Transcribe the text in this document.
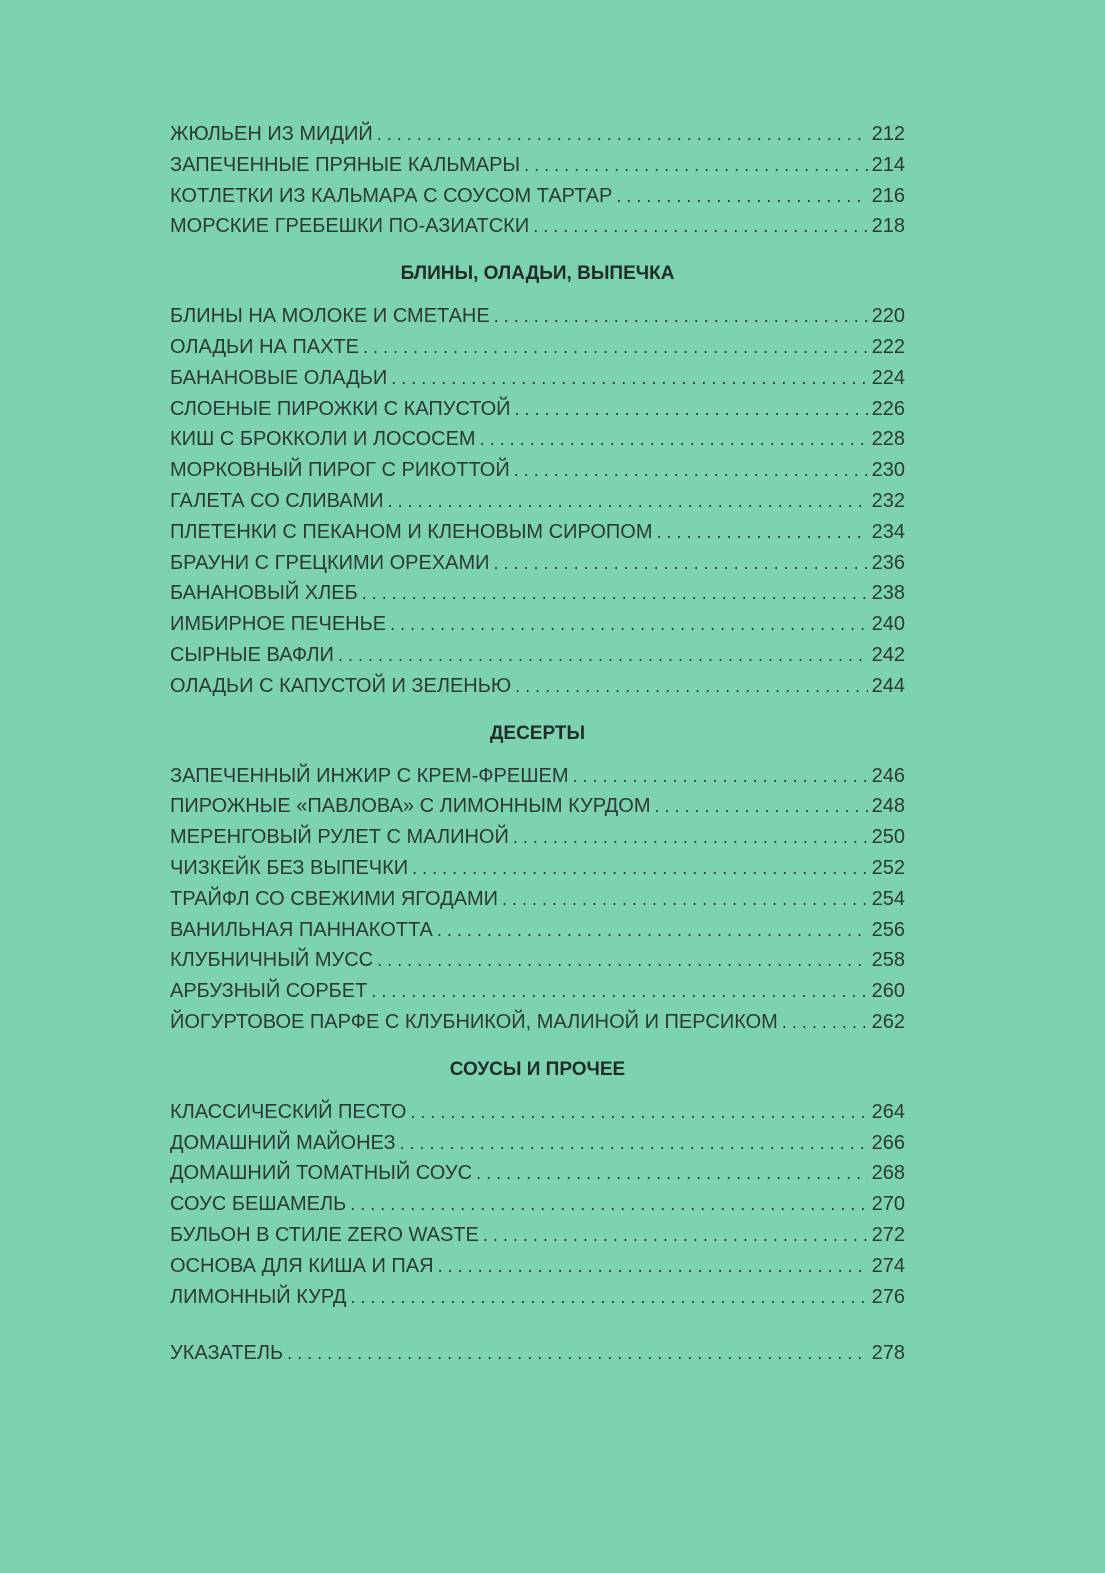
ЖЮЛЬЕН ИЗ МИДИЙ . . .	212
ЗАПЕЧЕННЫЕ ПРЯНЫЕ КАЛЬМАРЫ . . .	214
КОТЛЕТКИ ИЗ КАЛЬМАРА С СОУСОМ ТАРТАР . . .	216
МОРСКИЕ ГРЕБЕШКИ ПО-АЗИАТСКИ . . .	218
БЛИНЫ, ОЛАДЬИ, ВЫПЕЧКА
БЛИНЫ НА МОЛОКЕ И СМЕТАНЕ . . .	220
ОЛАДЬИ НА ПАХТЕ . . .	222
БАНАНОВЫЕ ОЛАДЬИ . . .	224
СЛОЕНЫЕ ПИРОЖКИ С КАПУСТОЙ . . .	226
КИШ С БРОККОЛИ И ЛОСОСЕМ . . .	228
МОРКОВНЫЙ ПИРОГ С РИКОТТОЙ . . .	230
ГАЛЕТА СО СЛИВАМИ . . .	232
ПЛЕТЕНКИ С ПЕКАНОМ И КЛЕНОВЫМ СИРОПОМ . . .	234
БРАУНИ С ГРЕЦКИМИ ОРЕХАМИ . . .	236
БАНАНОВЫЙ ХЛЕБ . . .	238
ИМБИРНОЕ ПЕЧЕНЬЕ . . .	240
СЫРНЫЕ ВАФЛИ . . .	242
ОЛАДЬИ С КАПУСТОЙ И ЗЕЛЕНЬЮ . . .	244
ДЕСЕРТЫ
ЗАПЕЧЕННЫЙ ИНЖИР С КРЕМ-ФРЕШЕМ . . .	246
ПИРОЖНЫЕ «ПАВЛОВА» С ЛИМОННЫМ КУРДОМ . . .	248
МЕРЕНГОВЫЙ РУЛЕТ С МАЛИНОЙ . . .	250
ЧИЗКЕЙК БЕЗ ВЫПЕЧКИ . . .	252
ТРАЙФЛ СО СВЕЖИМИ ЯГОДАМИ . . .	254
ВАНИЛЬНАЯ ПАННАКОТТА . . .	256
КЛУБНИЧНЫЙ МУСС . . .	258
АРБУЗНЫЙ СОРБЕТ . . .	260
ЙОГУРТОВОЕ ПАРФЕ С КЛУБНИКОЙ, МАЛИНОЙ И ПЕРСИКОМ . . .	262
СОУСЫ И ПРОЧЕЕ
КЛАССИЧЕСКИЙ ПЕСТО . . .	264
ДОМАШНИЙ МАЙОНЕЗ . . .	266
ДОМАШНИЙ ТОМАТНЫЙ СОУС . . .	268
СОУС БЕШАМЕЛЬ . . .	270
БУЛЬОН В СТИЛЕ ZERO WASTE . . .	272
ОСНОВА ДЛЯ КИША И ПАЯ . . .	274
ЛИМОННЫЙ КУРД . . .	276
УКАЗАТЕЛЬ . . .	278
